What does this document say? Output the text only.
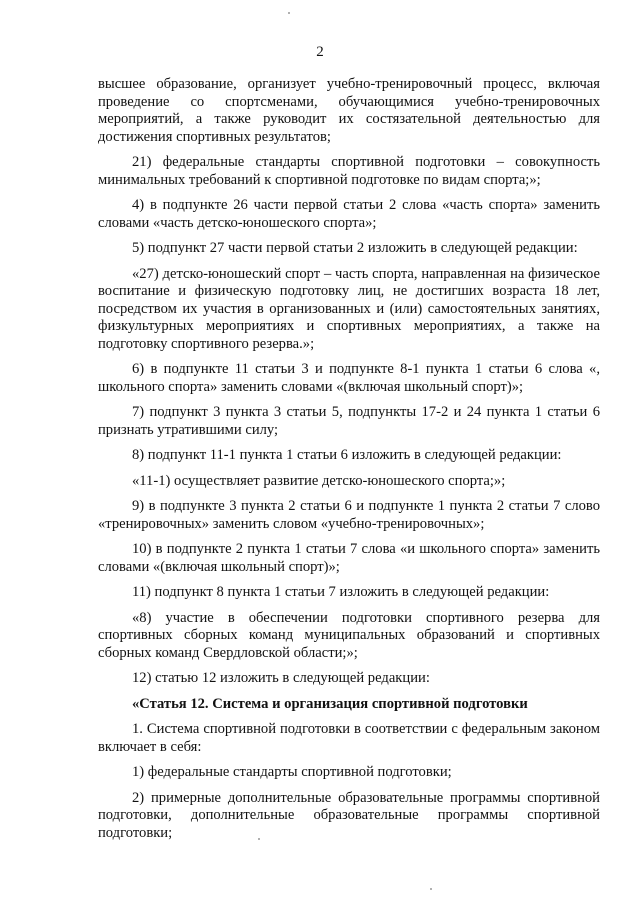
2

высшее образование, организует учебно-тренировочный процесс, включая проведение со спортсменами, обучающимися учебно-тренировочных мероприятий, а также руководит их состязательной деятельностью для достижения спортивных результатов;

21) федеральные стандарты спортивной подготовки – совокупность минимальных требований к спортивной подготовке по видам спорта;»;

4) в подпункте 26 части первой статьи 2 слова «часть спорта» заменить словами «часть детско-юношеского спорта»;

5) подпункт 27 части первой статьи 2 изложить в следующей редакции:

«27) детско-юношеский спорт – часть спорта, направленная на физическое воспитание и физическую подготовку лиц, не достигших возраста 18 лет, посредством их участия в организованных и (или) самостоятельных занятиях, физкультурных мероприятиях и спортивных мероприятиях, а также на подготовку спортивного резерва.»;

6) в подпункте 11 статьи 3 и подпункте 8-1 пункта 1 статьи 6 слова «, школьного спорта» заменить словами «(включая школьный спорт)»;

7) подпункт 3 пункта 3 статьи 5, подпункты 17-2 и 24 пункта 1 статьи 6 признать утратившими силу;

8) подпункт 11-1 пункта 1 статьи 6 изложить в следующей редакции:

«11-1) осуществляет развитие детско-юношеского спорта;»;

9) в подпункте 3 пункта 2 статьи 6 и подпункте 1 пункта 2 статьи 7 слово «тренировочных» заменить словом «учебно-тренировочных»;

10) в подпункте 2 пункта 1 статьи 7 слова «и школьного спорта» заменить словами «(включая школьный спорт)»;

11) подпункт 8 пункта 1 статьи 7 изложить в следующей редакции:

«8) участие в обеспечении подготовки спортивного резерва для спортивных сборных команд муниципальных образований и спортивных сборных команд Свердловской области;»;

12) статью 12 изложить в следующей редакции:

«Статья 12. Система и организация спортивной подготовки

1. Система спортивной подготовки в соответствии с федеральным законом включает в себя:

1) федеральные стандарты спортивной подготовки;

2) примерные дополнительные образовательные программы спортивной подготовки, дополнительные образовательные программы спортивной подготовки;
